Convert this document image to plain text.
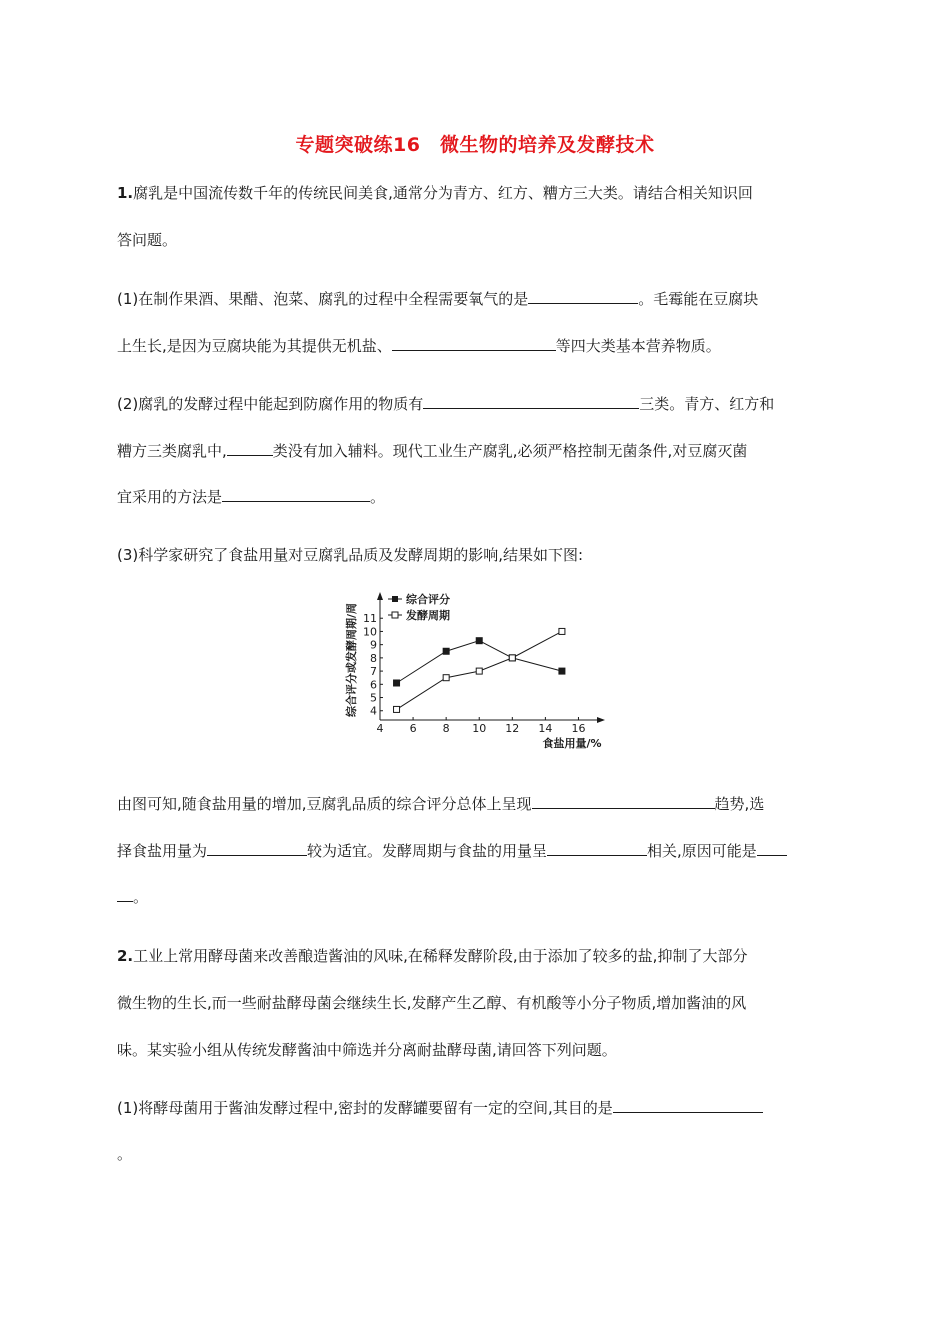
专题突破练16　微生物的培养及发酵技术
1.腐乳是中国流传数千年的传统民间美食,通常分为青方、红方、糟方三大类。请结合相关知识回
答问题。
(1)在制作果酒、果醋、泡菜、腐乳的过程中全程需要氧气的是	。毛霉能在豆腐块
上生长,是因为豆腐块能为其提供无机盐、	等四大类基本营养物质。
(2)腐乳的发酵过程中能起到防腐作用的物质有	三类。青方、红方和
糟方三类腐乳中,	类没有加入辅料。现代工业生产腐乳,必须严格控制无菌条件,对豆腐灭菌
宜采用的方法是	。
(3)科学家研究了食盐用量对豆腐乳品质及发酵周期的影响,结果如下图:
4 6 8 10 12 14 16
4
5
6
7
8
9
10
11
综合评分或发酵周期/周
食盐用量/%
综合评分
发酵周期
由图可知,随食盐用量的增加,豆腐乳品质的综合评分总体上呈现	趋势,选
择食盐用量为	较为适宜。发酵周期与食盐的用量呈	相关,原因可能是
。
2.工业上常用酵母菌来改善酿造酱油的风味,在稀释发酵阶段,由于添加了较多的盐,抑制了大部分
微生物的生长,而一些耐盐酵母菌会继续生长,发酵产生乙醇、有机酸等小分子物质,增加酱油的风
味。某实验小组从传统发酵酱油中筛选并分离耐盐酵母菌,请回答下列问题。
(1)将酵母菌用于酱油发酵过程中,密封的发酵罐要留有一定的空间,其目的是
。
